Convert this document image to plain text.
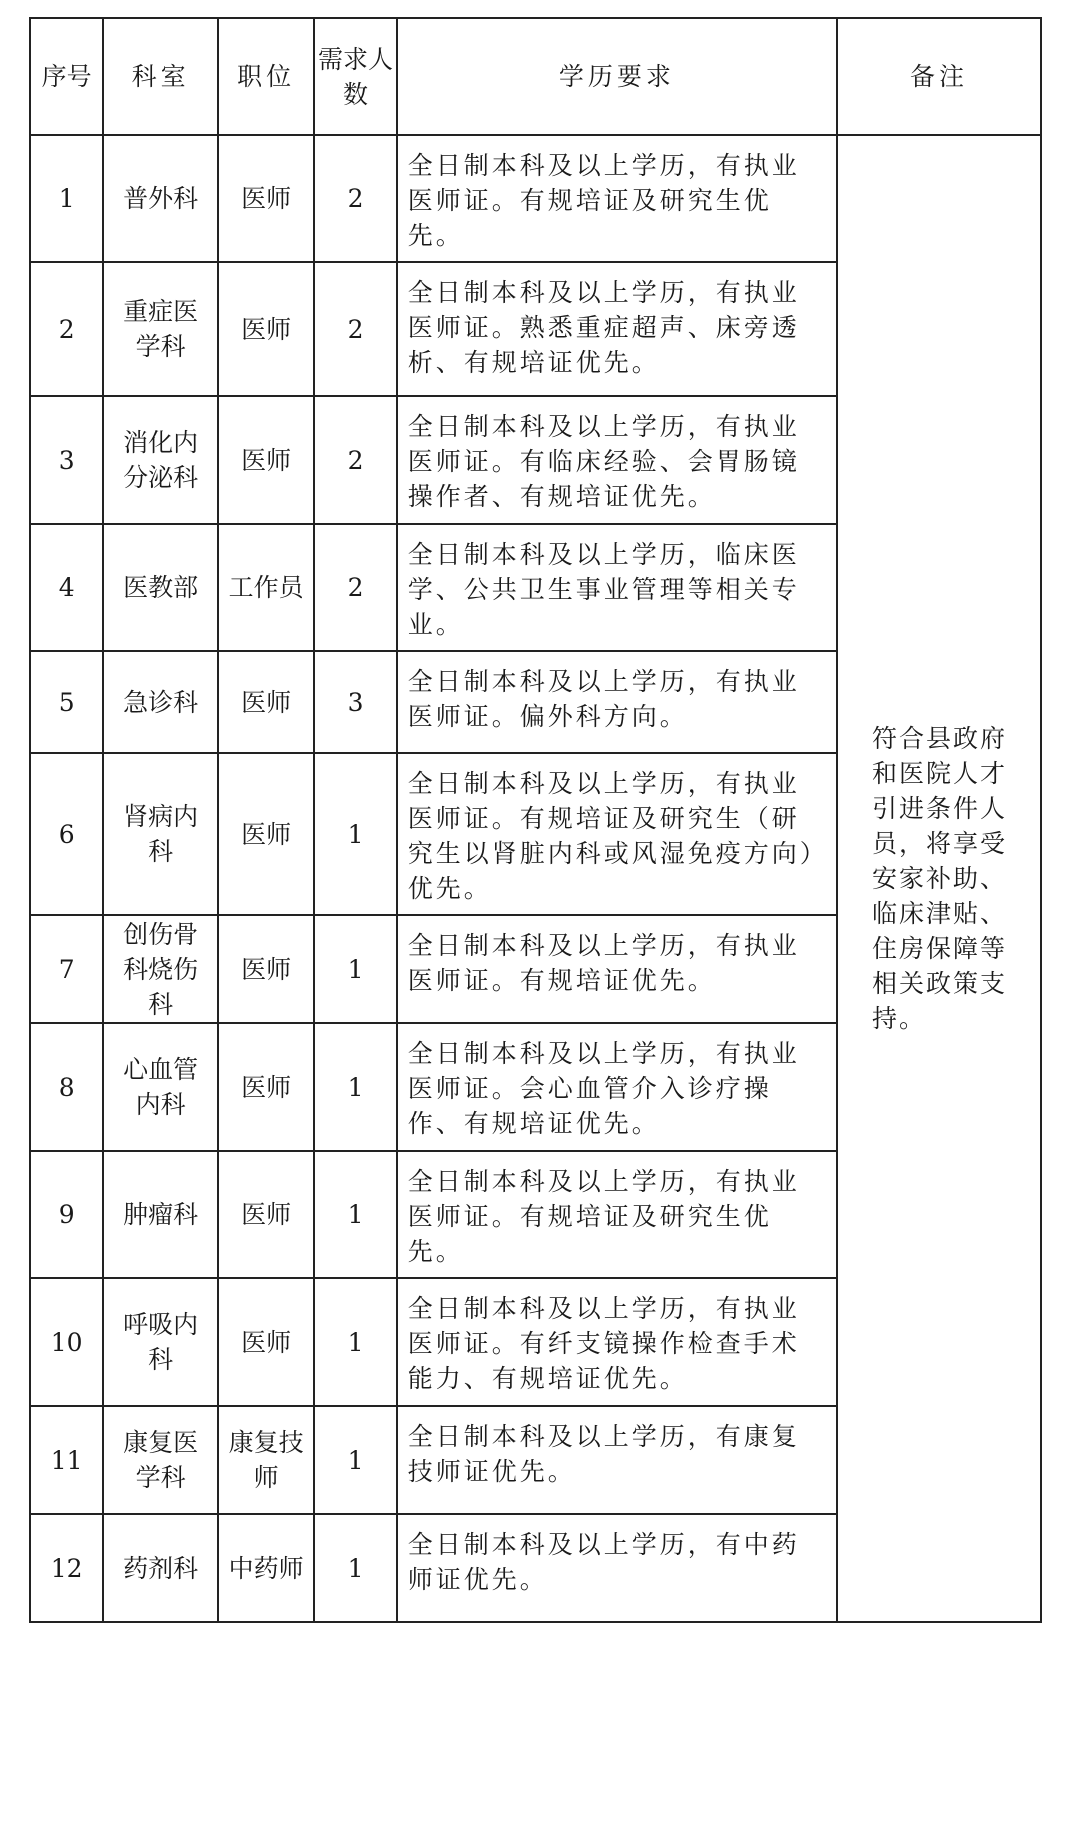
序号	科室	职位	需求人数	学历要求	备注
1	普外科	医师	2	全日制本科及以上学历，有执业医师证。有规培证及研究生优先。	符合县政府和医院人才引进条件人员，将享受安家补助、临床津贴、住房保障等相关政策支持。
2	重症医学科	医师	2	全日制本科及以上学历，有执业医师证。熟悉重症超声、床旁透析、有规培证优先。	
3	消化内分泌科	医师	2	全日制本科及以上学历，有执业医师证。有临床经验、会胃肠镜操作者、有规培证优先。	
4	医教部	工作员	2	全日制本科及以上学历，临床医学、公共卫生事业管理等相关专业。	
5	急诊科	医师	3	全日制本科及以上学历，有执业医师证。偏外科方向。	
6	肾病内科	医师	1	全日制本科及以上学历，有执业医师证。有规培证及研究生（研究生以肾脏内科或风湿免疫方向）优先。	
7	创伤骨科烧伤科	医师	1	全日制本科及以上学历，有执业医师证。有规培证优先。	
8	心血管内科	医师	1	全日制本科及以上学历，有执业医师证。会心血管介入诊疗操作、有规培证优先。	
9	肿瘤科	医师	1	全日制本科及以上学历，有执业医师证。有规培证及研究生优先。	
10	呼吸内科	医师	1	全日制本科及以上学历，有执业医师证。有纤支镜操作检查手术能力、有规培证优先。	
11	康复医学科	康复技师	1	全日制本科及以上学历，有康复技师证优先。	
12	药剂科	中药师	1	全日制本科及以上学历，有中药师证优先。	
